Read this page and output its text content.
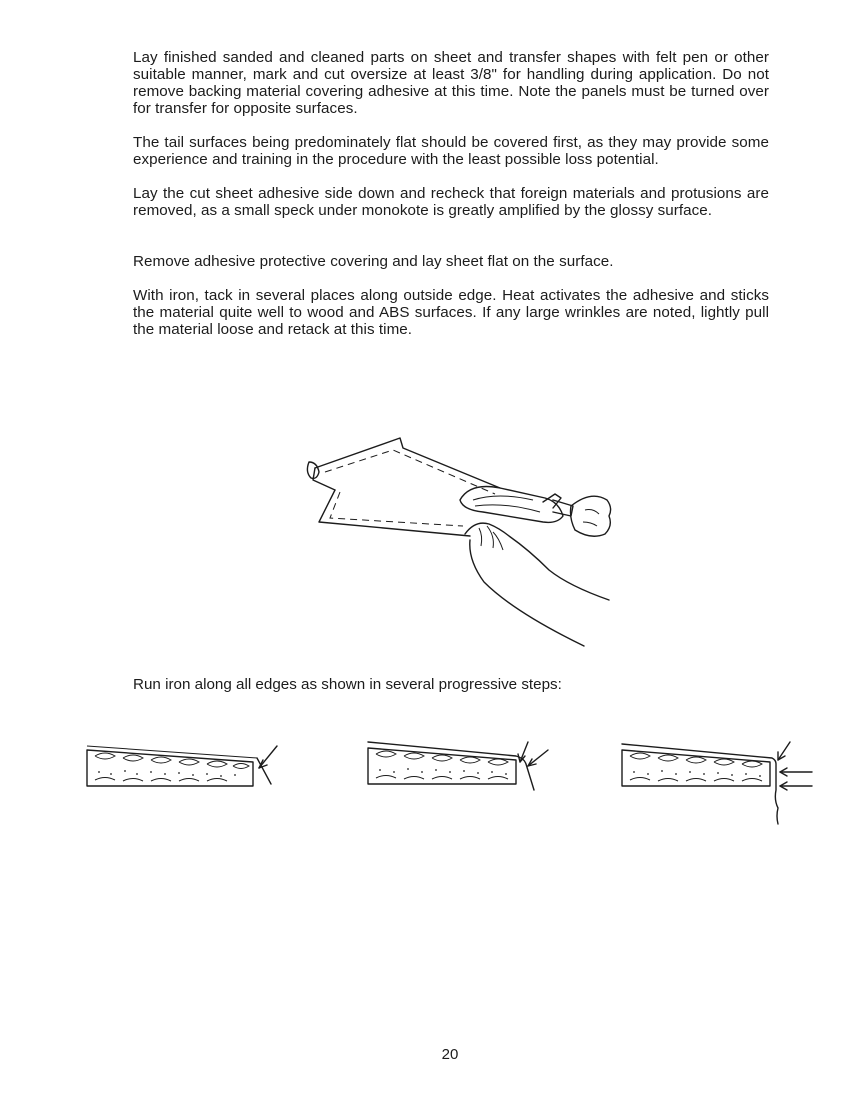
Lay finished sanded and cleaned parts on sheet and transfer shapes with felt pen or other suitable manner, mark and cut oversize at least 3/8" for handling during application. Do not remove backing material covering adhesive at this time. Note the panels must be turned over for transfer for opposite surfaces.

The tail surfaces being predominately flat should be covered first, as they may provide some experience and training in the procedure with the least possible loss potential.

Lay the cut sheet adhesive side down and recheck that foreign materials and protusions are removed, as a small speck under monokote is greatly amplified by the glossy surface.

Remove adhesive protective covering and lay sheet flat on the surface.

With iron, tack in several places along outside edge. Heat activates the adhesive and sticks the material quite well to wood and ABS surfaces. If any large wrinkles are noted, lightly pull the material loose and retack at this time.

Run iron along all edges as shown in several progressive steps:

20
